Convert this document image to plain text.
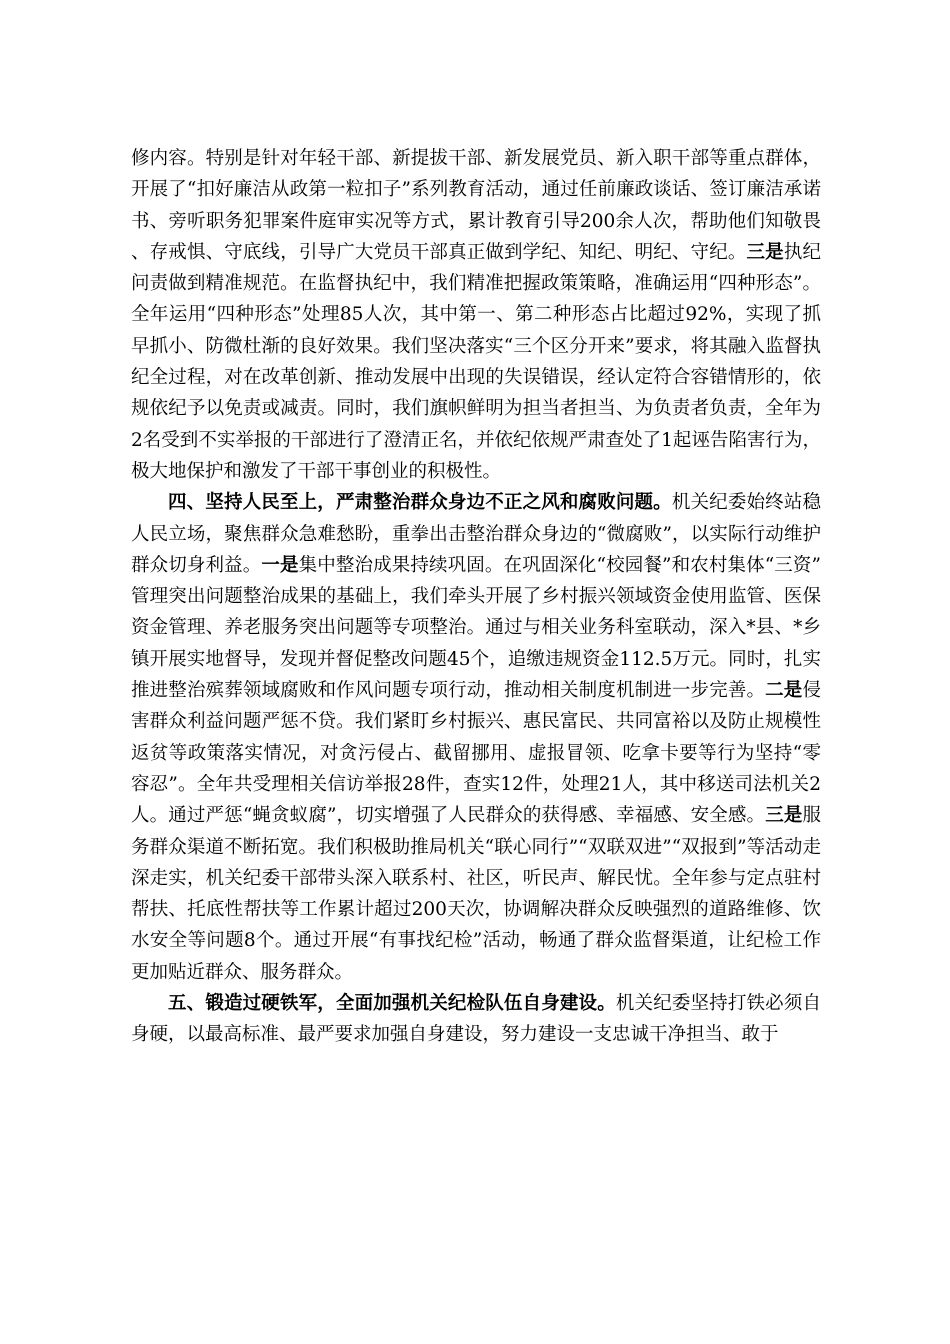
修内容。特别是针对年轻干部、新提拔干部、新发展党员、新入职干部等重点群体，开展了“扣好廉洁从政第一粒扣子”系列教育活动，通过任前廉政谈话、签订廉洁承诺书、旁听职务犯罪案件庭审实况等方式，累计教育引导200余人次，帮助他们知敬畏、存戒惧、守底线，引导广大党员干部真正做到学纪、知纪、明纪、守纪。三是执纪问责做到精准规范。在监督执纪中，我们精准把握政策策略，准确运用“四种形态”。全年运用“四种形态”处理85人次，其中第一、第二种形态占比超过92%，实现了抓早抓小、防微杜渐的良好效果。我们坚决落实“三个区分开来”要求，将其融入监督执纪全过程，对在改革创新、推动发展中出现的失误错误，经认定符合容错情形的，依规依纪予以免责或减责。同时，我们旗帜鲜明为担当者担当、为负责者负责，全年为2名受到不实举报的干部进行了澄清正名，并依纪依规严肃查处了1起诬告陷害行为，极大地保护和激发了干部干事创业的积极性。

四、坚持人民至上，严肃整治群众身边不正之风和腐败问题。机关纪委始终站稳人民立场，聚焦群众急难愁盼，重拳出击整治群众身边的“微腐败”，以实际行动维护群众切身利益。一是集中整治成果持续巩固。在巩固深化“校园餐”和农村集体“三资”管理突出问题整治成果的基础上，我们牵头开展了乡村振兴领域资金使用监管、医保资金管理、养老服务突出问题等专项整治。通过与相关业务科室联动，深入*县、*乡镇开展实地督导，发现并督促整改问题45个，追缴违规资金112.5万元。同时，扎实推进整治殡葬领域腐败和作风问题专项行动，推动相关制度机制进一步完善。二是侵害群众利益问题严惩不贷。我们紧盯乡村振兴、惠民富民、共同富裕以及防止规模性返贫等政策落实情况，对贪污侵占、截留挪用、虚报冒领、吃拿卡要等行为坚持“零容忍”。全年共受理相关信访举报28件，查实12件，处理21人，其中移送司法机关2人。通过严惩“蝇贪蚁腐”，切实增强了人民群众的获得感、幸福感、安全感。三是服务群众渠道不断拓宽。我们积极助推局机关“联心同行”“双联双进”“双报到”等活动走深走实，机关纪委干部带头深入联系村、社区，听民声、解民忧。全年参与定点驻村帮扶、托底性帮扶等工作累计超过200天次，协调解决群众反映强烈的道路维修、饮水安全等问题8个。通过开展“有事找纪检”活动，畅通了群众监督渠道，让纪检工作更加贴近群众、服务群众。

五、锻造过硬铁军，全面加强机关纪检队伍自身建设。机关纪委坚持打铁必须自身硬，以最高标准、最严要求加强自身建设，努力建设一支忠诚干净担当、敢于
